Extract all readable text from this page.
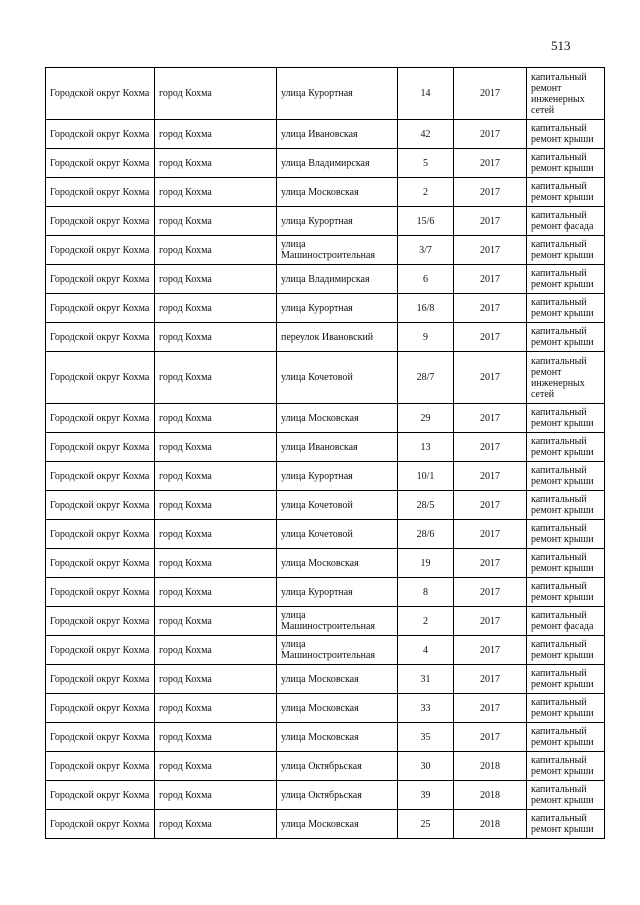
513
Городской округ Кохма	город Кохма	улица Курортная	14	2017	капитальный ремонт инженерных сетей
Городской округ Кохма	город Кохма	улица Ивановская	42	2017	капитальный ремонт крыши
Городской округ Кохма	город Кохма	улица Владимирская	5	2017	капитальный ремонт крыши
Городской округ Кохма	город Кохма	улица Московская	2	2017	капитальный ремонт крыши
Городской округ Кохма	город Кохма	улица Курортная	15/6	2017	капитальный ремонт фасада
Городской округ Кохма	город Кохма	улица Машиностроительная	3/7	2017	капитальный ремонт крыши
Городской округ Кохма	город Кохма	улица Владимирская	6	2017	капитальный ремонт крыши
Городской округ Кохма	город Кохма	улица Курортная	16/8	2017	капитальный ремонт крыши
Городской округ Кохма	город Кохма	переулок Ивановский	9	2017	капитальный ремонт крыши
Городской округ Кохма	город Кохма	улица Кочетовой	28/7	2017	капитальный ремонт инженерных сетей
Городской округ Кохма	город Кохма	улица Московская	29	2017	капитальный ремонт крыши
Городской округ Кохма	город Кохма	улица Ивановская	13	2017	капитальный ремонт крыши
Городской округ Кохма	город Кохма	улица Курортная	10/1	2017	капитальный ремонт крыши
Городской округ Кохма	город Кохма	улица Кочетовой	28/5	2017	капитальный ремонт крыши
Городской округ Кохма	город Кохма	улица Кочетовой	28/6	2017	капитальный ремонт крыши
Городской округ Кохма	город Кохма	улица Московская	19	2017	капитальный ремонт крыши
Городской округ Кохма	город Кохма	улица Курортная	8	2017	капитальный ремонт крыши
Городской округ Кохма	город Кохма	улица Машиностроительная	2	2017	капитальный ремонт фасада
Городской округ Кохма	город Кохма	улица Машиностроительная	4	2017	капитальный ремонт крыши
Городской округ Кохма	город Кохма	улица Московская	31	2017	капитальный ремонт крыши
Городской округ Кохма	город Кохма	улица Московская	33	2017	капитальный ремонт крыши
Городской округ Кохма	город Кохма	улица Московская	35	2017	капитальный ремонт крыши
Городской округ Кохма	город Кохма	улица Октябрьская	30	2018	капитальный ремонт крыши
Городской округ Кохма	город Кохма	улица Октябрьская	39	2018	капитальный ремонт крыши
Городской округ Кохма	город Кохма	улица Московская	25	2018	капитальный ремонт крыши
